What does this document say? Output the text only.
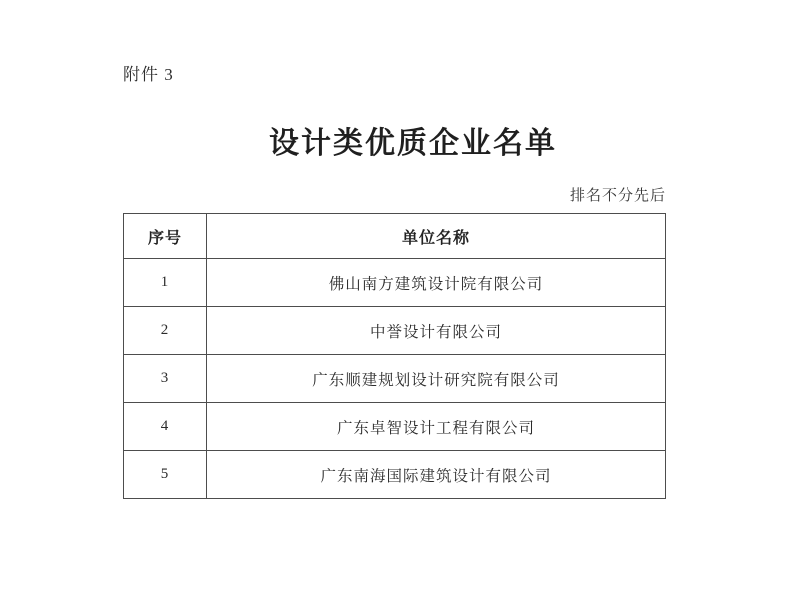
附件 3
设计类优质企业名单
排名不分先后
序号	单位名称
1	佛山南方建筑设计院有限公司
2	中誉设计有限公司
3	广东顺建规划设计研究院有限公司
4	广东卓智设计工程有限公司
5	广东南海国际建筑设计有限公司
